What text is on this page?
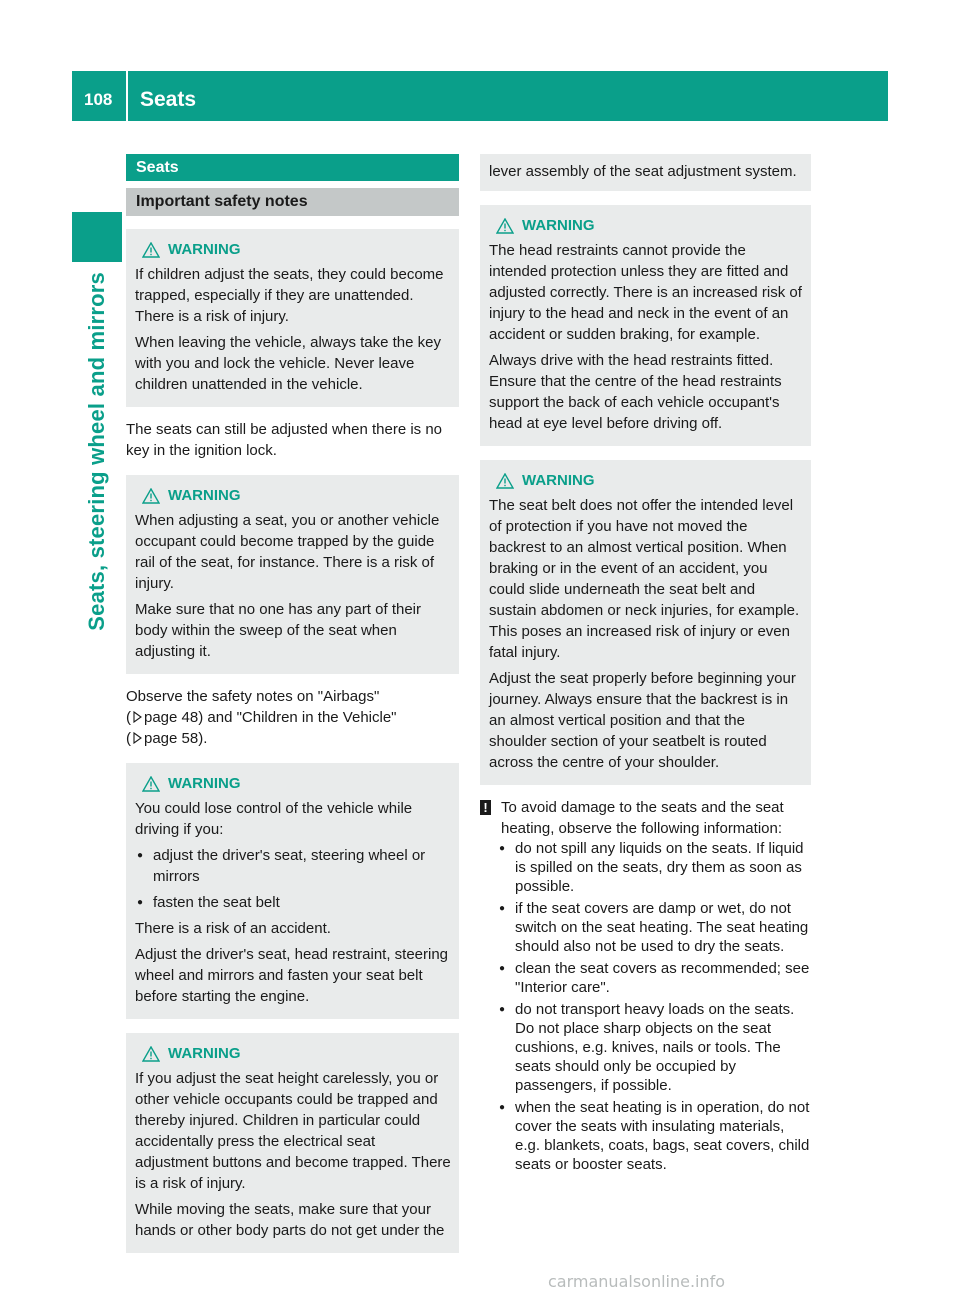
108 Seats
Seats, steering wheel and mirrors
Seats
Important safety notes
WARNING

If children adjust the seats, they could become trapped, especially if they are unattended. There is a risk of injury.

When leaving the vehicle, always take the key with you and lock the vehicle. Never leave children unattended in the vehicle.

The seats can still be adjusted when there is no key in the ignition lock.

WARNING

When adjusting a seat, you or another vehicle occupant could become trapped by the guide rail of the seat, for instance. There is a risk of injury.

Make sure that no one has any part of their body within the sweep of the seat when adjusting it.

Observe the safety notes on "Airbags"

( page 48) and "Children in the Vehicle"

( page 58).

WARNING

You could lose control of the vehicle while driving if you:

● adjust the driver's seat, steering wheel or mirrors
● fasten the seat belt

There is a risk of an accident.

Adjust the driver's seat, head restraint, steering wheel and mirrors and fasten your seat belt before starting the engine.

WARNING

If you adjust the seat height carelessly, you or other vehicle occupants could be trapped and thereby injured. Children in particular could accidentally press the electrical seat adjustment buttons and become trapped. There is a risk of injury.

While moving the seats, make sure that your hands or other body parts do not get under the

lever assembly of the seat adjustment system.

WARNING

The head restraints cannot provide the intended protection unless they are fitted and adjusted correctly. There is an increased risk of injury to the head and neck in the event of an accident or sudden braking, for example.

Always drive with the head restraints fitted. Ensure that the centre of the head restraints support the back of each vehicle occupant's head at eye level before driving off.

WARNING

The seat belt does not offer the intended level of protection if you have not moved the backrest to an almost vertical position. When braking or in the event of an accident, you could slide underneath the seat belt and sustain abdomen or neck injuries, for example. This poses an increased risk of injury or even fatal injury.

Adjust the seat properly before beginning your journey. Always ensure that the backrest is in an almost vertical position and that the shoulder section of your seatbelt is routed across the centre of your shoulder.

! To avoid damage to the seats and the seat heating, observe the following information:
● do not spill any liquids on the seats. If liquid is spilled on the seats, dry them as soon as possible.
● if the seat covers are damp or wet, do not switch on the seat heating. The seat heating should also not be used to dry the seats.
● clean the seat covers as recommended; see "Interior care".
● do not transport heavy loads on the seats. Do not place sharp objects on the seat cushions, e.g. knives, nails or tools. The seats should only be occupied by passengers, if possible.
● when the seat heating is in operation, do not cover the seats with insulating materials, e.g. blankets, coats, bags, seat covers, child seats or booster seats.
carmanualsonline.info
